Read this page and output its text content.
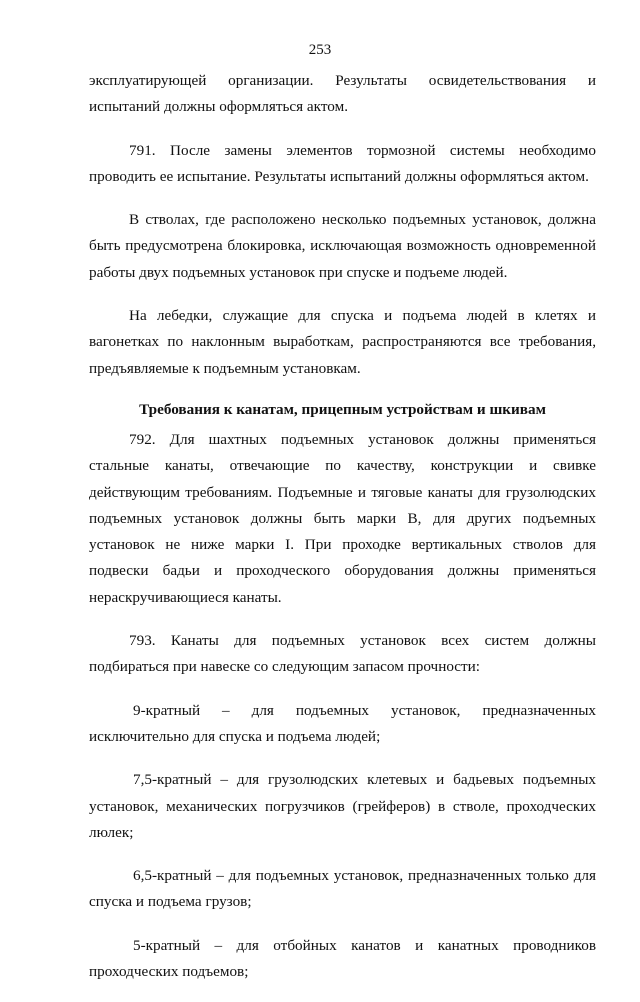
253

эксплуатирующей организации. Результаты освидетельствования и испытаний должны оформляться актом.

791. После замены элементов тормозной системы необходимо проводить ее испытание. Результаты испытаний должны оформляться актом.

В стволах, где расположено несколько подъемных установок, должна быть предусмотрена блокировка, исключающая возможность одновременной работы двух подъемных установок при спуске и подъеме людей.

На лебедки, служащие для спуска и подъема людей в клетях и вагонетках по наклонным выработкам, распространяются все требования, предъявляемые к подъемным установкам.

Требования к канатам, прицепным устройствам и шкивам

792. Для шахтных подъемных установок должны применяться стальные канаты, отвечающие по качеству, конструкции и свивке действующим требованиям. Подъемные и тяговые канаты для грузолюдских подъемных установок должны быть марки В, для других подъемных установок не ниже марки I. При проходке вертикальных стволов для подвески бадьи и проходческого оборудования должны применяться нераскручивающиеся канаты.

793. Канаты для подъемных установок всех систем должны подбираться при навеске со следующим запасом прочности:

9-кратный – для подъемных установок, предназначенных исключительно для спуска и подъема людей;

7,5-кратный – для грузолюдских клетевых и бадьевых подъемных установок, механических погрузчиков (грейферов) в стволе, проходческих люлек;

6,5-кратный – для подъемных установок, предназначенных только для спуска и подъема грузов;

5-кратный – для отбойных канатов и канатных проводников проходческих подъемов;
